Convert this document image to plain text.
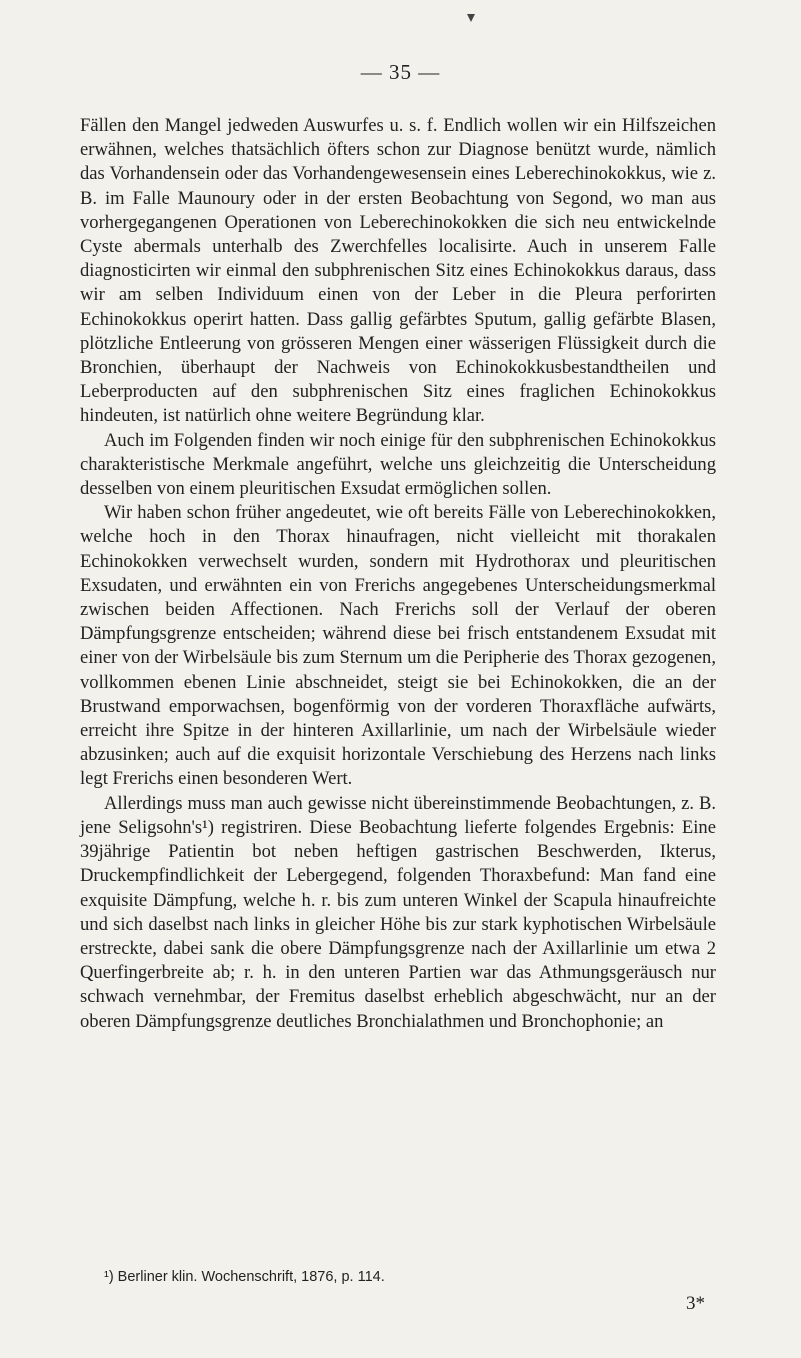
— 35 —

Fällen den Mangel jedweden Auswurfes u. s. f. Endlich wollen wir ein Hilfszeichen erwähnen, welches thatsächlich öfters schon zur Diagnose benützt wurde, nämlich das Vorhandensein oder das Vorhandengewesensein eines Leberechinokokkus, wie z. B. im Falle Maunoury oder in der ersten Beobachtung von Segond, wo man aus vorhergegangenen Operationen von Leberechinokokken die sich neu entwickelnde Cyste abermals unterhalb des Zwerchfelles localisirte. Auch in unserem Falle diagnosticirten wir einmal den subphrenischen Sitz eines Echinokokkus daraus, dass wir am selben Individuum einen von der Leber in die Pleura perforirten Echinokokkus operirt hatten. Dass gallig gefärbtes Sputum, gallig gefärbte Blasen, plötzliche Entleerung von grösseren Mengen einer wässerigen Flüssigkeit durch die Bronchien, überhaupt der Nachweis von Echinokokkusbestandtheilen und Leberproducten auf den subphrenischen Sitz eines fraglichen Echinokokkus hindeuten, ist natürlich ohne weitere Begründung klar.

Auch im Folgenden finden wir noch einige für den subphrenischen Echinokokkus charakteristische Merkmale angeführt, welche uns gleichzeitig die Unterscheidung desselben von einem pleuritischen Exsudat ermöglichen sollen.

Wir haben schon früher angedeutet, wie oft bereits Fälle von Leberechinokokken, welche hoch in den Thorax hinaufragen, nicht vielleicht mit thorakalen Echinokokken verwechselt wurden, sondern mit Hydrothorax und pleuritischen Exsudaten, und erwähnten ein von Frerichs angegebenes Unterscheidungsmerkmal zwischen beiden Affectionen. Nach Frerichs soll der Verlauf der oberen Dämpfungsgrenze entscheiden; während diese bei frisch entstandenem Exsudat mit einer von der Wirbelsäule bis zum Sternum um die Peripherie des Thorax gezogenen, vollkommen ebenen Linie abschneidet, steigt sie bei Echinokokken, die an der Brustwand emporwachsen, bogenförmig von der vorderen Thoraxfläche aufwärts, erreicht ihre Spitze in der hinteren Axillarlinie, um nach der Wirbelsäule wieder abzusinken; auch auf die exquisit horizontale Verschiebung des Herzens nach links legt Frerichs einen besonderen Wert.

Allerdings muss man auch gewisse nicht übereinstimmende Beobachtungen, z. B. jene Seligsohn's¹) registriren. Diese Beobachtung lieferte folgendes Ergebnis: Eine 39jährige Patientin bot neben heftigen gastrischen Beschwerden, Ikterus, Druckempfindlichkeit der Lebergegend, folgenden Thoraxbefund: Man fand eine exquisite Dämpfung, welche h. r. bis zum unteren Winkel der Scapula hinaufreichte und sich daselbst nach links in gleicher Höhe bis zur stark kyphotischen Wirbelsäule erstreckte, dabei sank die obere Dämpfungsgrenze nach der Axillarlinie um etwa 2 Querfingerbreite ab; r. h. in den unteren Partien war das Athmungsgeräusch nur schwach vernehmbar, der Fremitus daselbst erheblich abgeschwächt, nur an der oberen Dämpfungsgrenze deutliches Bronchialathmen und Bronchophonie; an

¹) Berliner klin. Wochenschrift, 1876, p. 114.
3*
